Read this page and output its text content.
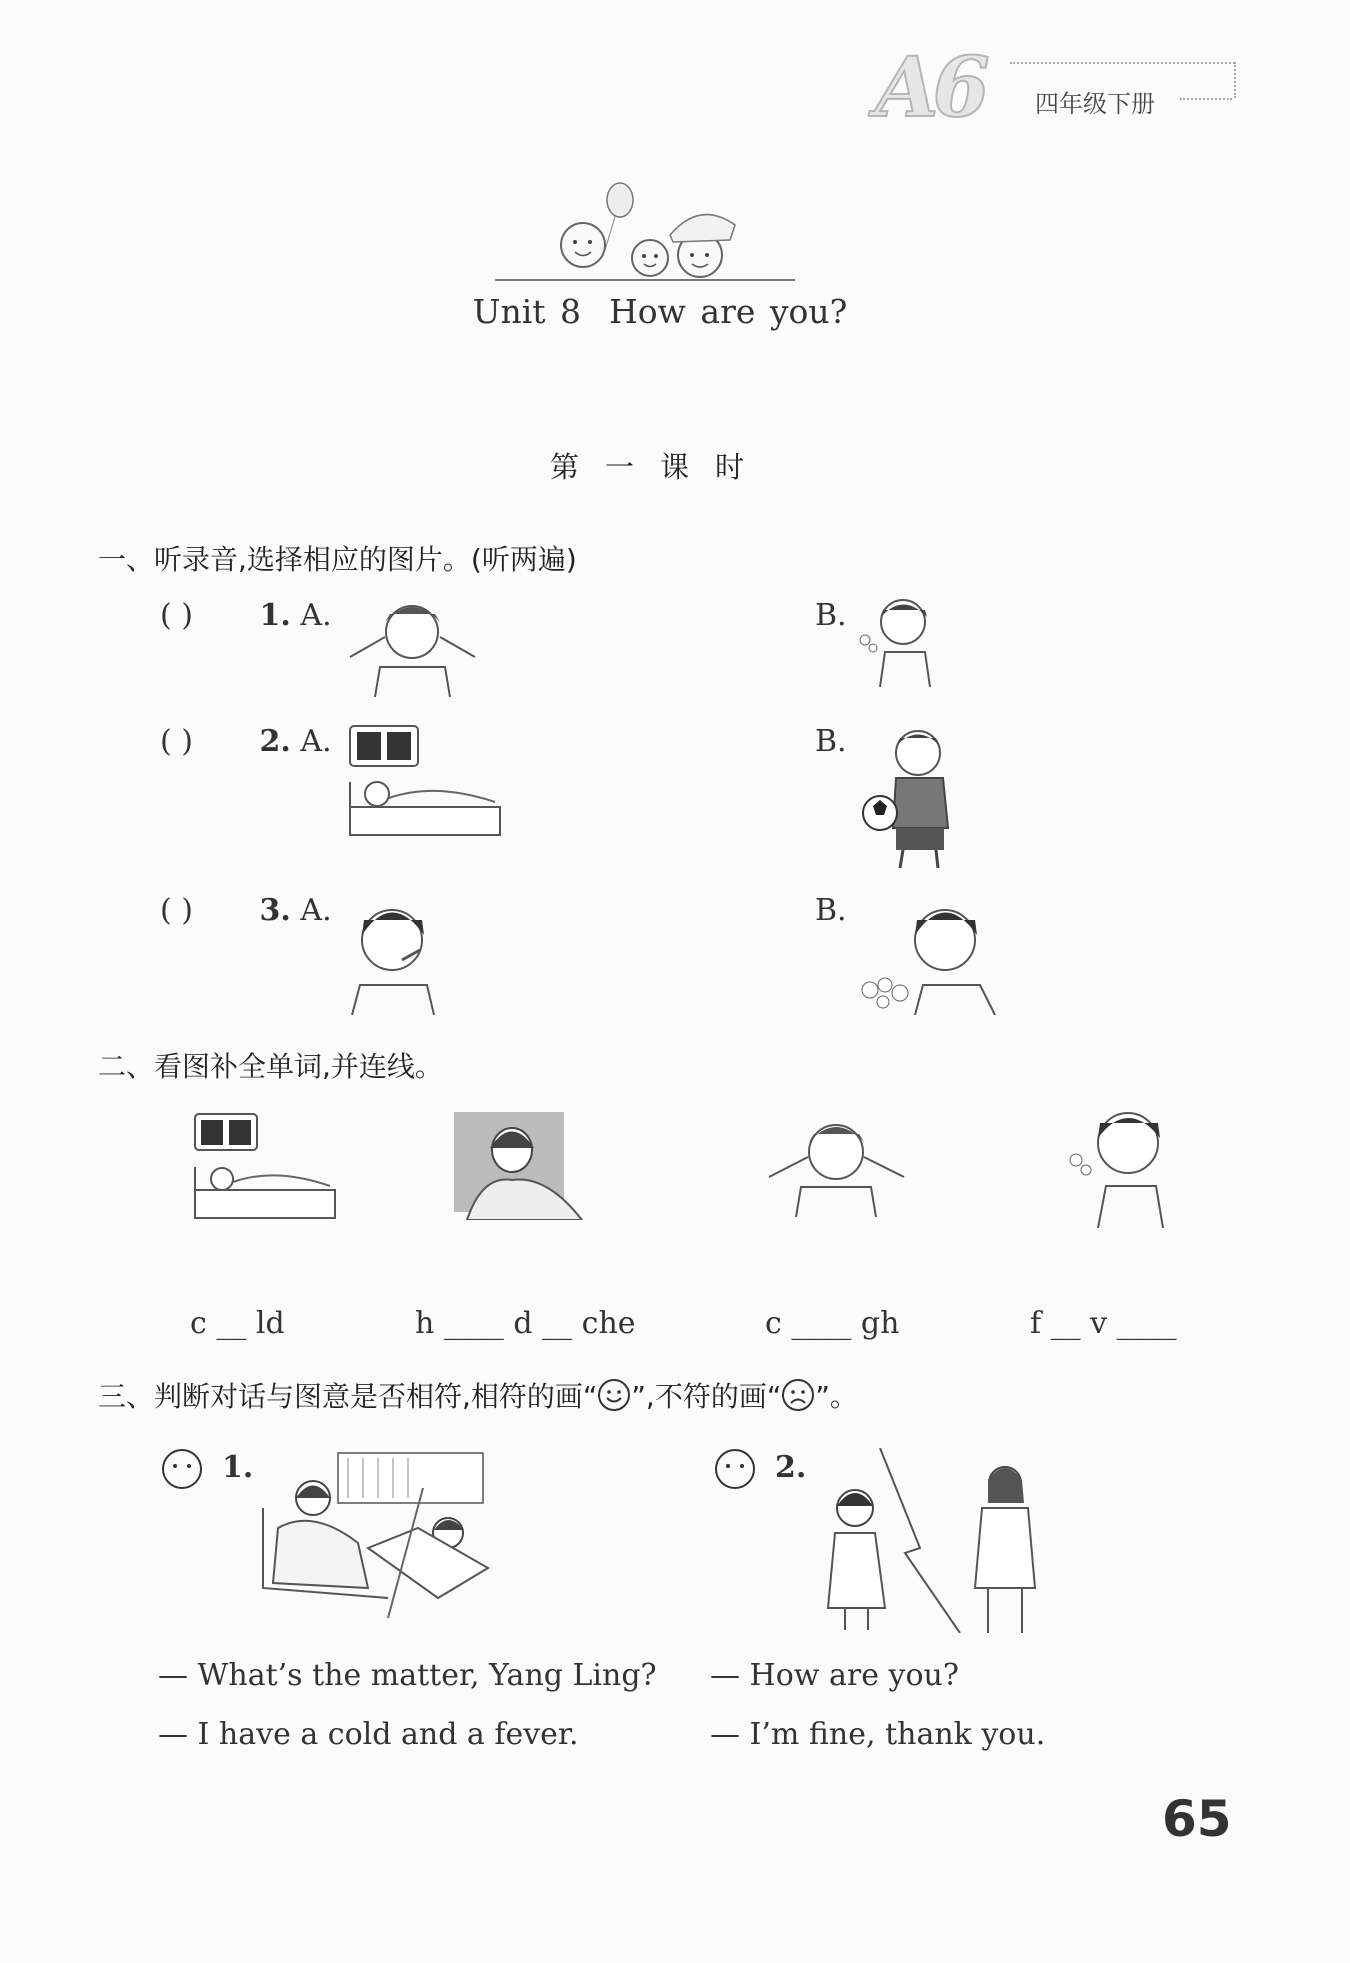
A6 四年级下册
Unit 8 How are you?
第一课时
一、听录音,选择相应的图片。(听两遍)
( ) 1. A.	B.
( ) 2. A.	B.
( ) 3. A.	B.
二、看图补全单词,并连线。
c __ ld	h ____ d __ che	c ____ gh	f __ v ____
三、判断对话与图意是否相符,相符的画“ ”,不符的画“ ”。
1.
— What’s the matter, Yang Ling?
— I have a cold and a fever.
2.
— How are you?
— I’m fine, thank you.
65
